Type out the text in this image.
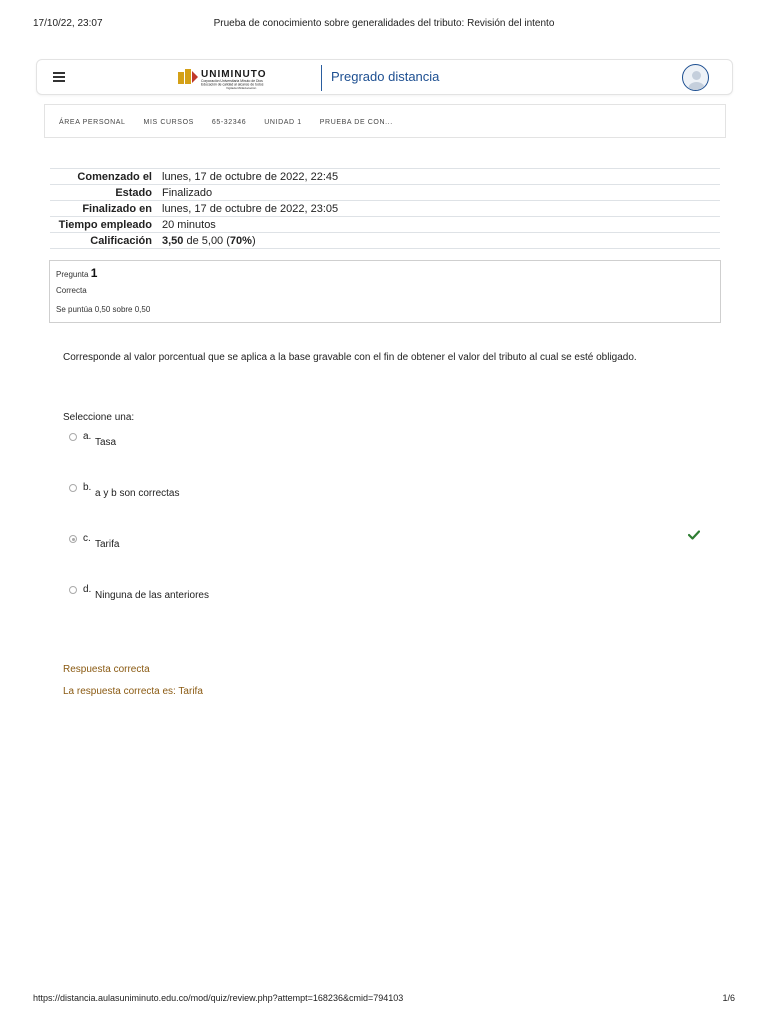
17/10/22, 23:07	Prueba de conocimiento sobre generalidades del tributo: Revisión del intento
UNIMINUTO
Corporación Universitaria Minuto de Dios
Educación de calidad al alcance de todos
Vigilada MinEducación
Pregrado distancia
ÁREA PERSONAL	MIS CURSOS	65-32346	UNIDAD 1	PRUEBA DE CON...
Comenzado el	lunes, 17 de octubre de 2022, 22:45
Estado	Finalizado
Finalizado en	lunes, 17 de octubre de 2022, 23:05
Tiempo empleado	20 minutos
Calificación	3,50 de 5,00 (70%)
Pregunta 1
Correcta
Se puntúa 0,50 sobre 0,50
Corresponde al valor porcentual que se aplica a la base gravable con el fin de obtener el valor del tributo al cual se esté obligado.
Seleccione una:
a.
Tasa
b.
a y b son correctas
c.
Tarifa
d.
Ninguna de las anteriores
Respuesta correcta
La respuesta correcta es: Tarifa
https://distancia.aulasuniminuto.edu.co/mod/quiz/review.php?attempt=168236&cmid=794103	1/6
